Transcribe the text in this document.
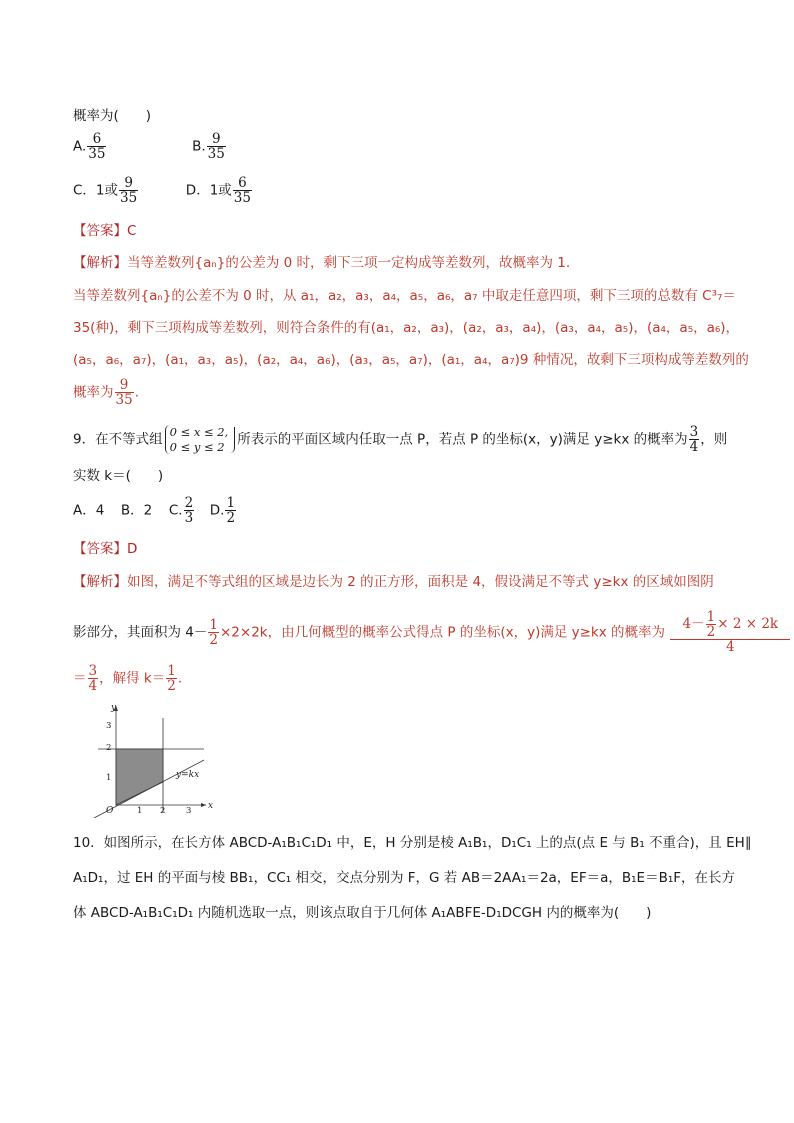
概率为(　　)
A. $\frac{6}{35}$	B. $\frac{9}{35}$
C．1或 $\frac{9}{35}$	D．1或 $\frac{6}{35}$
【答案】C
【解析】当等差数列{aₙ}的公差为 0 时，剩下三项一定构成等差数列，故概率为 1.
当等差数列{aₙ}的公差不为 0 时，从 a₁，a₂，a₃，a₄，a₅，a₆，a₇ 中取走任意四项，剩下三项的总数有 C³₇＝
35(种)，剩下三项构成等差数列，则符合条件的有(a₁，a₂，a₃)，(a₂，a₃，a₄)，(a₃，a₄，a₅)，(a₄，a₅，a₆)，
(a₅，a₆，a₇)，(a₁，a₃，a₅)，(a₂，a₄，a₆)，(a₃，a₅，a₇)，(a₁，a₄，a₇)9 种情况，故剩下三项构成等差数列的
概率为 $\frac{9}{35}$ .
9．在不等式组 0 ≤ x ≤ 2,
0 ≤ y ≤ 2 所表示的平面区域内任取一点 P，若点 P 的坐标(x，y)满足 y≥kx 的概率为 $\frac{3}{4}$ ，则
实数 k＝(　　)
A．4 B．2 C. $\frac{2}{3} D$. $\frac{1}{2}$
【答案】D
【解析】如图，满足不等式组的区域是边长为 2 的正方形，面积是 4，假设满足不等式 y≥kx 的区域如图阴
影部分，其面积为 $4- \frac{1}{2} \times 2\times 2k$，由几何概型的概率公式得点 P 的坐标(x，y)满足 y≥kx 的概率为 $\frac{4- \frac{1}{2} \times 2 \times 2k}{4}$
＝ $\frac{3}{4}$ ，解得 $k= \frac{1}{2}$ .
y
x
O	1 2 3
1
2
3
y=kx
10．如图所示，在长方体 ABCD-A₁B₁C₁D₁ 中，E，H 分别是棱 A₁B₁，D₁C₁ 上的点(点 E 与 B₁ 不重合)，且 EH∥
A₁D₁，过 EH 的平面与棱 BB₁，CC₁ 相交，交点分别为 F，G 若 AB＝2AA₁＝2a，EF＝a，B₁E＝B₁F，在长方
体 ABCD-A₁B₁C₁D₁ 内随机选取一点，则该点取自于几何体 A₁ABFE-D₁DCGH 内的概率为(　　)
